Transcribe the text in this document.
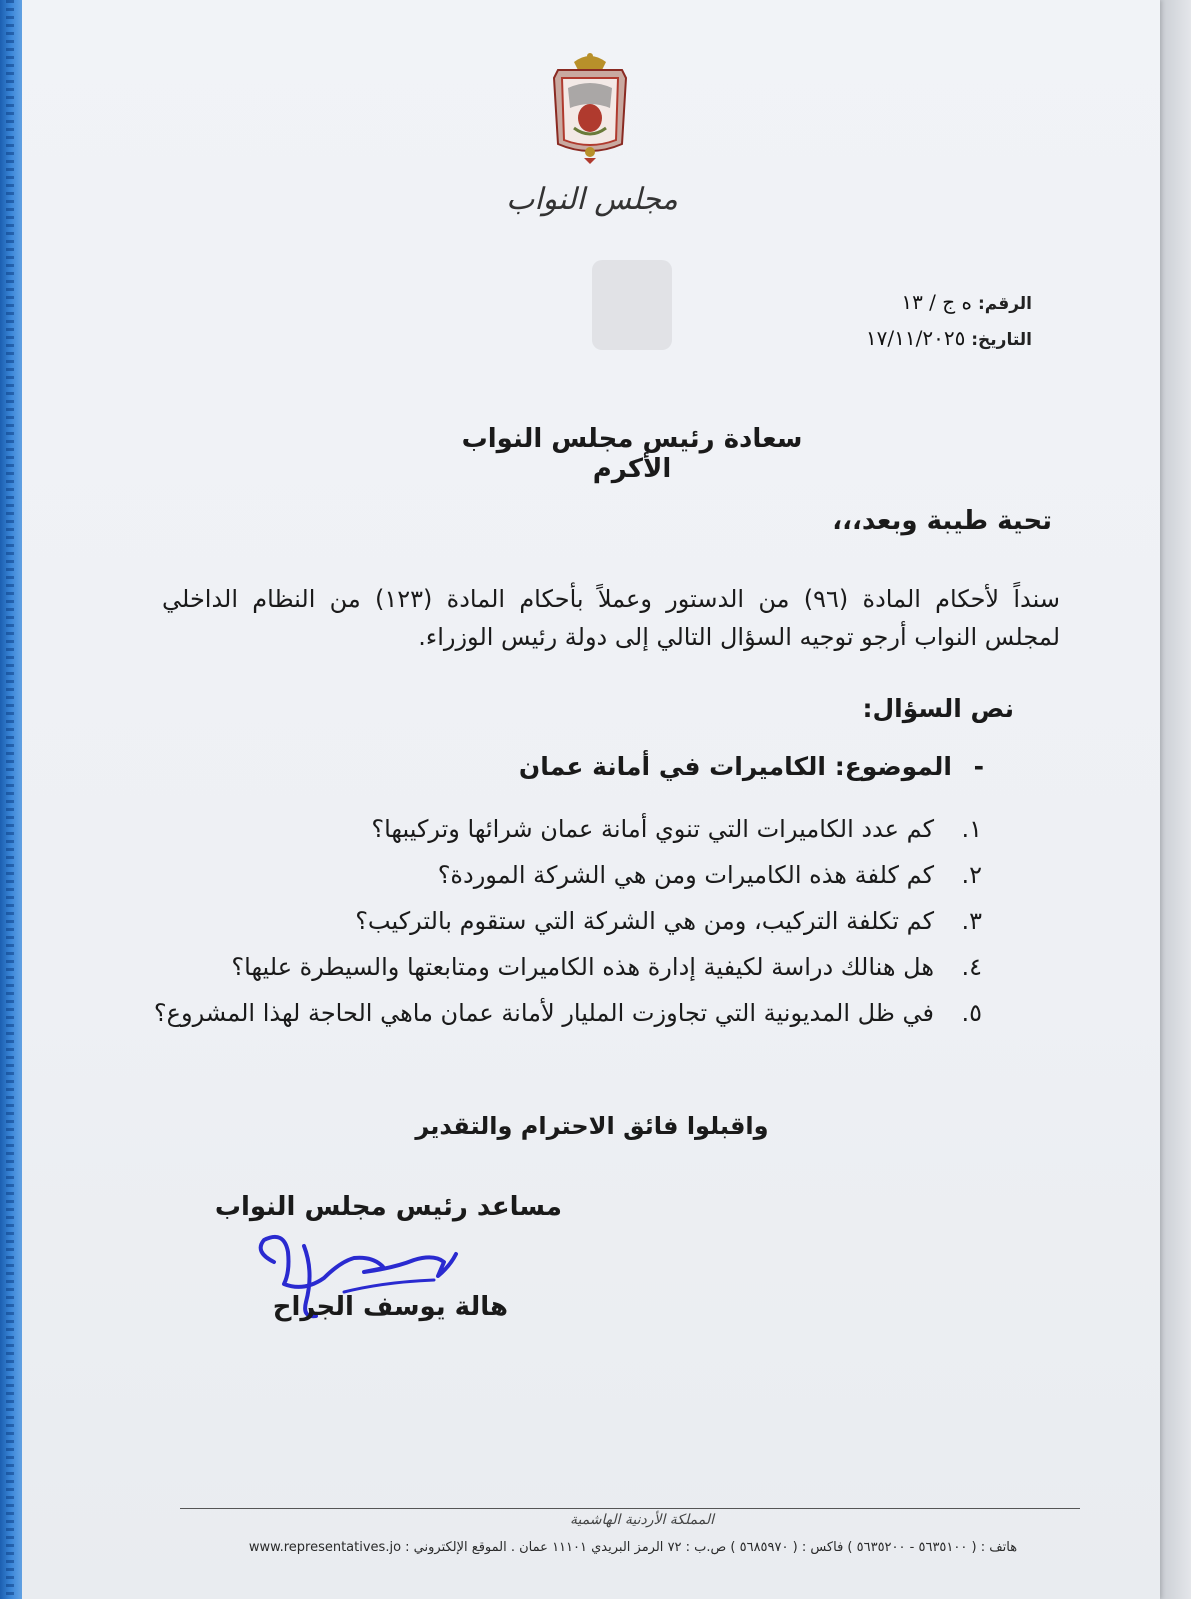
مجلس النواب
الرقم: ه ج / ١٣
التاريخ: ١٧/١١/٢٠٢٥
سعادة رئيس مجلس النواب الأكرم
تحية طيبة وبعد،،،
سنداً لأحكام المادة (٩٦) من الدستور وعملاً بأحكام المادة (١٢٣) من النظام الداخلي لمجلس النواب أرجو توجيه السؤال التالي إلى دولة رئيس الوزراء.
نص السؤال:
-
الموضوع: الكاميرات في أمانة عمان
١.
كم عدد الكاميرات التي تنوي أمانة عمان شرائها وتركيبها؟
٢.
كم كلفة هذه الكاميرات ومن هي الشركة الموردة؟
٣.
كم تكلفة التركيب، ومن هي الشركة التي ستقوم بالتركيب؟
٤.
هل هنالك دراسة لكيفية إدارة هذه الكاميرات ومتابعتها والسيطرة عليها؟
٥.
في ظل المديونية التي تجاوزت المليار لأمانة عمان ماهي الحاجة لهذا المشروع؟
واقبلوا فائق الاحترام والتقدير
مساعد رئيس مجلس النواب
هالة يوسف الجراح
المملكة الأردنية الهاشمية
هاتف : ( ٥٦٣٥١٠٠ - ٥٦٣٥٢٠٠ ) فاكس : ( ٥٦٨٥٩٧٠ ) ص.ب : ٧٢ الرمز البريدي ١١١٠١ عمان . الموقع الإلكتروني : www.representatives.jo
